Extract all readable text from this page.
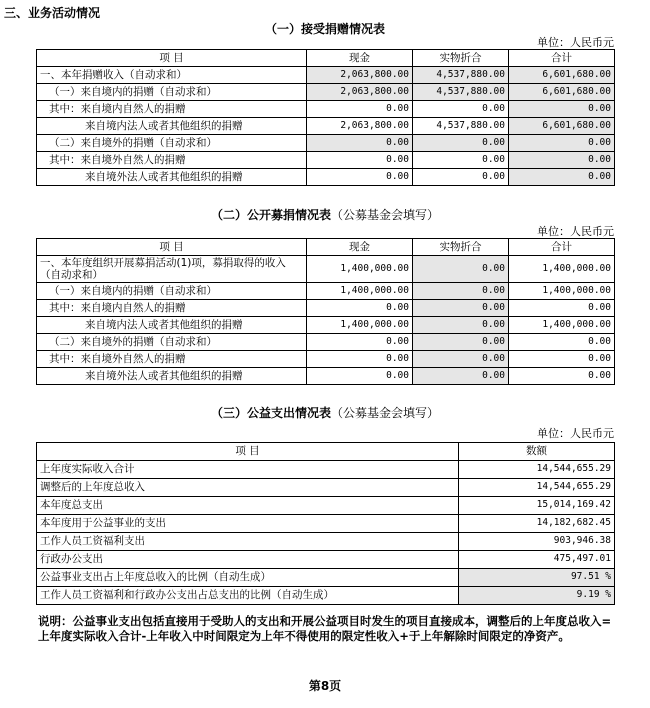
三、业务活动情况
（一）接受捐赠情况表
单位：人民币元
项 目	现金	实物折合	合计
一、本年捐赠收入（自动求和）	2,063,800.00	4,537,880.00	6,601,680.00
（一）来自境内的捐赠（自动求和）	2,063,800.00	4,537,880.00	6,601,680.00
其中：来自境内自然人的捐赠	0.00	0.00	0.00
来自境内法人或者其他组织的捐赠	2,063,800.00	4,537,880.00	6,601,680.00
（二）来自境外的捐赠（自动求和）	0.00	0.00	0.00
其中：来自境外自然人的捐赠	0.00	0.00	0.00
来自境外法人或者其他组织的捐赠	0.00	0.00	0.00
（二）公开募捐情况表（公募基金会填写）
单位：人民币元
项 目	现金	实物折合	合计
一、本年度组织开展募捐活动(1)项，募捐取得的收入（自动求和）	1,400,000.00	0.00	1,400,000.00
（一）来自境内的捐赠（自动求和）	1,400,000.00	0.00	1,400,000.00
其中：来自境内自然人的捐赠	0.00	0.00	0.00
来自境内法人或者其他组织的捐赠	1,400,000.00	0.00	1,400,000.00
（二）来自境外的捐赠（自动求和）	0.00	0.00	0.00
其中：来自境外自然人的捐赠	0.00	0.00	0.00
来自境外法人或者其他组织的捐赠	0.00	0.00	0.00
（三）公益支出情况表（公募基金会填写）
单位：人民币元
项 目	数额
上年度实际收入合计	14,544,655.29
调整后的上年度总收入	14,544,655.29
本年度总支出	15,014,169.42
本年度用于公益事业的支出	14,182,682.45
工作人员工资福利支出	903,946.38
行政办公支出	475,497.01
公益事业支出占上年度总收入的比例（自动生成）	97.51 %
工作人员工资福利和行政办公支出占总支出的比例（自动生成）	9.19 %
说明：公益事业支出包括直接用于受助人的支出和开展公益项目时发生的项目直接成本，调整后的上年度总收入=上年度实际收入合计-上年收入中时间限定为上年不得使用的限定性收入+于上年解除时间限定的净资产。
第8页
